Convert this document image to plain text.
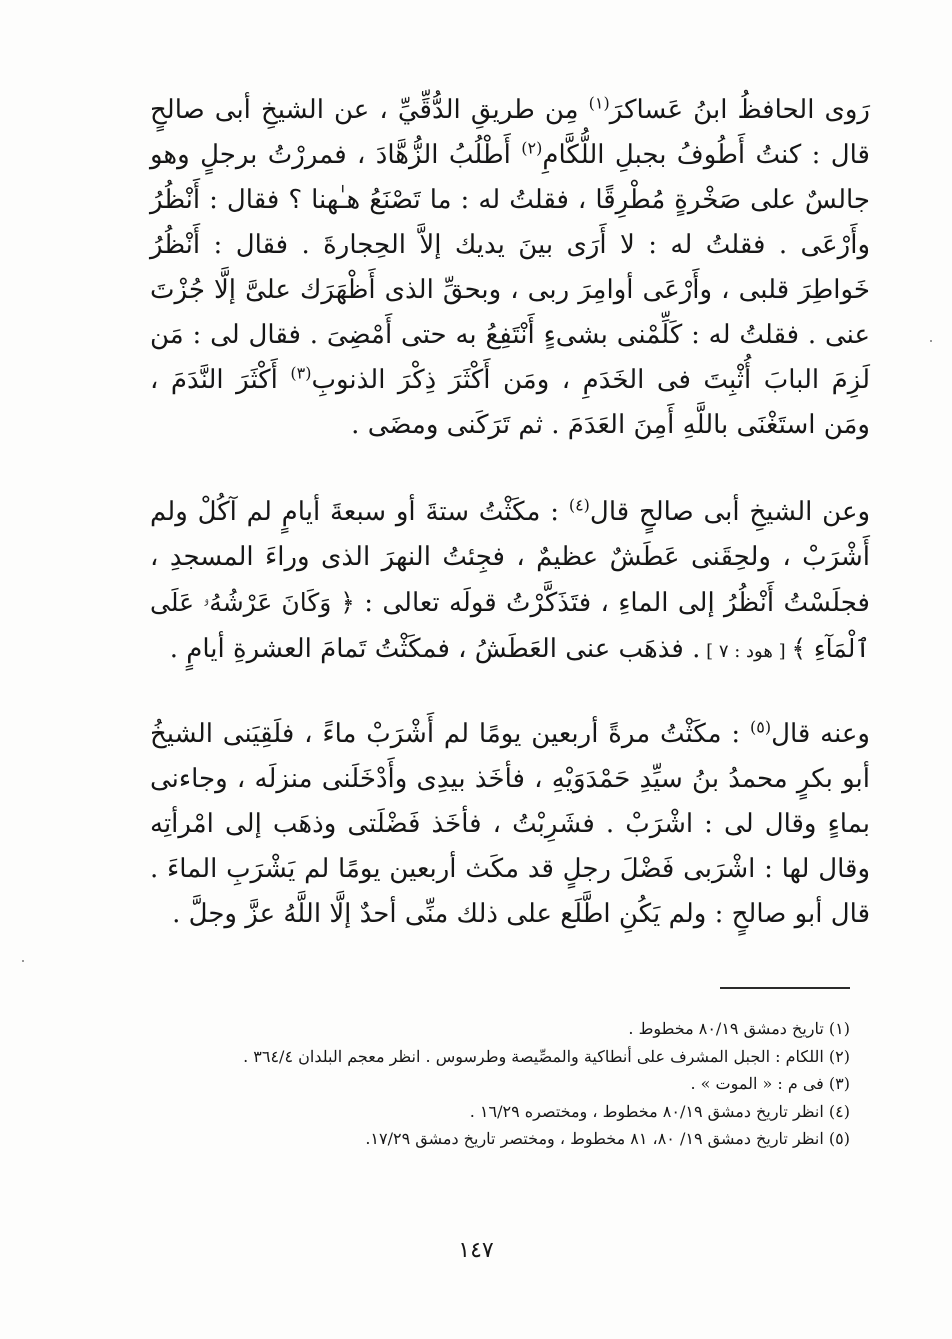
رَوى الحافظُ ابنُ عَساكرَ$^{(١)}$ مِن طريقِ الدُّقِّيِّ ، عن الشيخِ أبى صالحٍ قال : كنتُ أَطُوفُ بجبلِ اللُّكَّامِ$^{(٢)}$ أَطْلُبُ الزُّهَّادَ ، فمررْتُ برجلٍ وهو جالسٌ على صَخْرةٍ مُطْرِقًا ، فقلتُ له : ما تَصْنَعُ هـٰهنا ؟ فقال : أَنْظُرُ وأَرْعَى . فقلتُ له : لا أَرَى بينَ يديك إلاَّ الحِجارةَ . فقال : أَنْظُرُ خَواطِرَ قلبى ، وأَرْعَى أوامِرَ ربى ، وبحقِّ الذى أَظْهَرَك علىَّ إلَّا جُزْتَ عنى . فقلتُ له : كَلِّمْنى بشىءٍ أَنْتَفِعُ به حتى أَمْضِىَ . فقال لى : مَن لَزِمَ البابَ أُثْبِتَ فى الخَدَمِ ، ومَن أَكْثَرَ ذِكْرَ الذنوبِ$^{(٣)}$ أَكْثَرَ النَّدَمَ ، ومَن استَغْنَى باللَّهِ أَمِنَ العَدَمَ . ثم تَرَكَنى ومضَى .

وعن الشيخِ أبى صالحٍ قال$^{(٤)}$ : مكَثْتُ ستةَ أو سبعةَ أيامٍ لم آكُلْ ولم أَشْرَبْ ، ولحِقَنى عَطَشٌ عظيمٌ ، فجِئتُ النهرَ الذى وراءَ المسجدِ ، فجلَسْتُ أَنْظُرُ إلى الماءِ ، فتَذَكَّرْتُ قولَه تعالى : ﴿ وَكَانَ عَرْشُهُۥ عَلَى ٱلْمَآءِ ﴾ [ هود : ٧ ] . فذهَب عنى العَطَشُ ، فمكَثْتُ تَمامَ العشرةِ أيامٍ .

وعنه قال$^{(٥)}$ : مكَثْتُ مرةً أربعين يومًا لم أَشْرَبْ ماءً ، فلَقِيَنى الشيخُ أبو بكرٍ محمدُ بنُ سيِّدِ حَمْدَوَيْهِ ، فأخَذ بيدِى وأَدْخَلَنى منزلَه ، وجاءنى بماءٍ وقال لى : اشْرَبْ . فشَرِبْتُ ، فأخَذ فَضْلَتى وذهَب إلى امْرأتِه وقال لها : اشْرَبى فَضْلَ رجلٍ قد مكَث أربعين يومًا لم يَشْرَبِ الماءَ . قال أبو صالحٍ : ولم يَكُنِ اطَّلَع على ذلك منِّى أحدٌ إلَّا اللَّهُ عزَّ وجلَّ .

(١) تاريخ دمشق ٨٠/١٩ مخطوط .
(٢) اللكام : الجبل المشرف على أنطاكية والمصِّيصة وطرسوس . انظر معجم البلدان ٣٦٤/٤ .
(٣) فى م : « الموت » .
(٤) انظر تاريخ دمشق ٨٠/١٩ مخطوط ، ومختصره ١٦/٢٩ .
(٥) انظر تاريخ دمشق ١٩/ ٨٠، ٨١ مخطوط ، ومختصر تاريخ دمشق ١٧/٢٩.
١٤٧
